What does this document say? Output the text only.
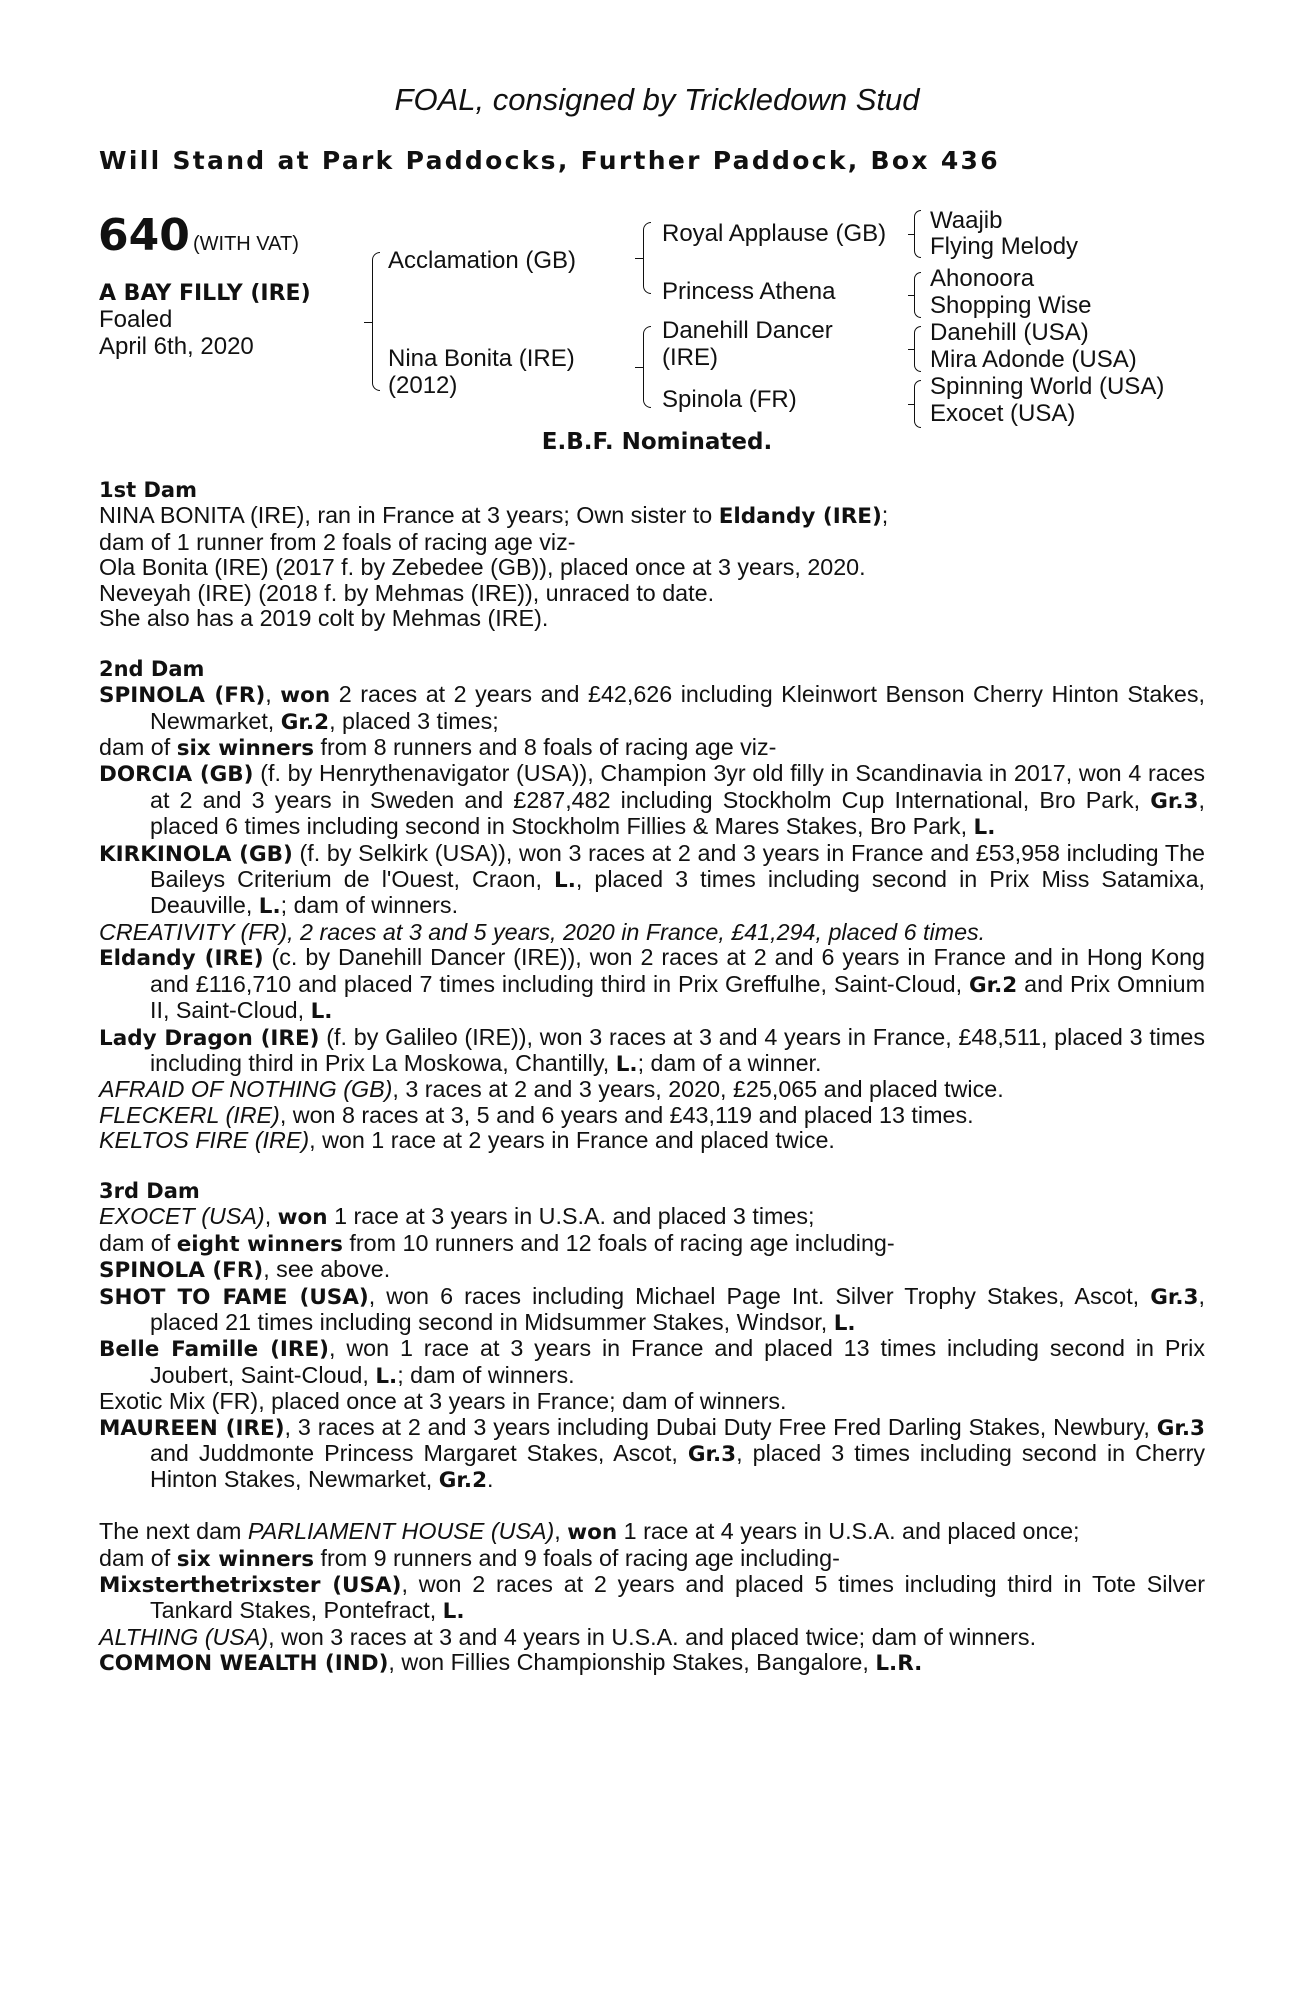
FOAL, consigned by Trickledown Stud
Will Stand at Park Paddocks, Further Paddock, Box 436
640 (WITH VAT)
A BAY FILLY (IRE)
Foaled
April 6th, 2020
Acclamation (GB)
Nina Bonita (IRE)
(2012)
Royal Applause (GB)
Princess Athena
Danehill Dancer
(IRE)
Spinola (FR)
Waajib
Flying Melody
Ahonoora
Shopping Wise
Danehill (USA)
Mira Adonde (USA)
Spinning World (USA)
Exocet (USA)
E.B.F. Nominated.

1st Dam

NINA BONITA (IRE), ran in France at 3 years; Own sister to Eldandy (IRE);

dam of 1 runner from 2 foals of racing age viz-

Ola Bonita (IRE) (2017 f. by Zebedee (GB)), placed once at 3 years, 2020.

Neveyah (IRE) (2018 f. by Mehmas (IRE)), unraced to date.

She also has a 2019 colt by Mehmas (IRE).

2nd Dam

SPINOLA (FR), won 2 races at 2 years and £42,626 including Kleinwort Benson Cherry Hinton Stakes, Newmarket, Gr.2, placed 3 times;

dam of six winners from 8 runners and 8 foals of racing age viz-

DORCIA (GB) (f. by Henrythenavigator (USA)), Champion 3yr old filly in Scandinavia in 2017, won 4 races at 2 and 3 years in Sweden and £287,482 including Stockholm Cup International, Bro Park, Gr.3, placed 6 times including second in Stockholm Fillies & Mares Stakes, Bro Park, L.

KIRKINOLA (GB) (f. by Selkirk (USA)), won 3 races at 2 and 3 years in France and £53,958 including The Baileys Criterium de l'Ouest, Craon, L., placed 3 times including second in Prix Miss Satamixa, Deauville, L.; dam of winners.

CREATIVITY (FR), 2 races at 3 and 5 years, 2020 in France, £41,294, placed 6 times.

Eldandy (IRE) (c. by Danehill Dancer (IRE)), won 2 races at 2 and 6 years in France and in Hong Kong and £116,710 and placed 7 times including third in Prix Greffulhe, Saint-Cloud, Gr.2 and Prix Omnium II, Saint-Cloud, L.

Lady Dragon (IRE) (f. by Galileo (IRE)), won 3 races at 3 and 4 years in France, £48,511, placed 3 times including third in Prix La Moskowa, Chantilly, L.; dam of a winner.

AFRAID OF NOTHING (GB), 3 races at 2 and 3 years, 2020, £25,065 and placed twice.

FLECKERL (IRE), won 8 races at 3, 5 and 6 years and £43,119 and placed 13 times.

KELTOS FIRE (IRE), won 1 race at 2 years in France and placed twice.

3rd Dam

EXOCET (USA), won 1 race at 3 years in U.S.A. and placed 3 times;

dam of eight winners from 10 runners and 12 foals of racing age including-

SPINOLA (FR), see above.

SHOT TO FAME (USA), won 6 races including Michael Page Int. Silver Trophy Stakes, Ascot, Gr.3, placed 21 times including second in Midsummer Stakes, Windsor, L.

Belle Famille (IRE), won 1 race at 3 years in France and placed 13 times including second in Prix Joubert, Saint-Cloud, L.; dam of winners.

Exotic Mix (FR), placed once at 3 years in France; dam of winners.

MAUREEN (IRE), 3 races at 2 and 3 years including Dubai Duty Free Fred Darling Stakes, Newbury, Gr.3 and Juddmonte Princess Margaret Stakes, Ascot, Gr.3, placed 3 times including second in Cherry Hinton Stakes, Newmarket, Gr.2.

The next dam PARLIAMENT HOUSE (USA), won 1 race at 4 years in U.S.A. and placed once;

dam of six winners from 9 runners and 9 foals of racing age including-

Mixsterthetrixster (USA), won 2 races at 2 years and placed 5 times including third in Tote Silver Tankard Stakes, Pontefract, L.

ALTHING (USA), won 3 races at 3 and 4 years in U.S.A. and placed twice; dam of winners.

COMMON WEALTH (IND), won Fillies Championship Stakes, Bangalore, L.R.
